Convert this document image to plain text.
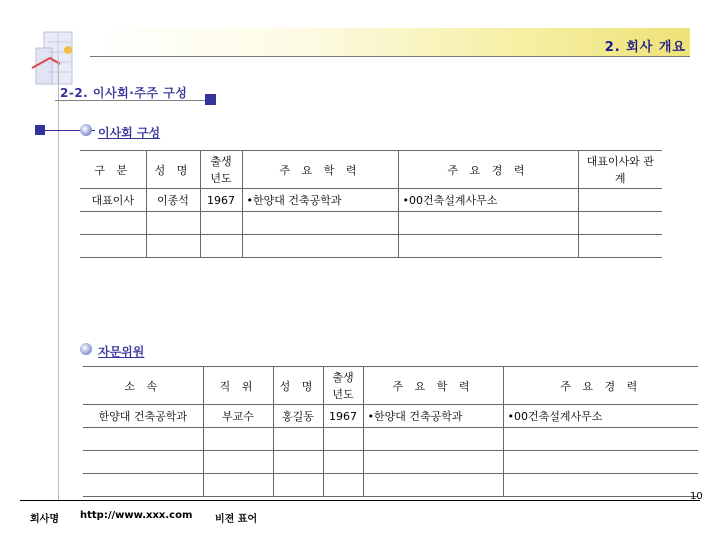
2. 회사 개요
2-2. 이사회·주주 구성
이사회 구성
구 분	성 명	출생 년도	주 요 학 력	주 요 경 력	대표이사와 관 계
대표이사	이종석	1967	•한양대 건축공학과	•00건축설계사무소	

자문위원
소 속	직 위	성 명	출생 년도	주 요 학 력	주 요 경 력
한양대 건축공학과	부교수	홍길동	1967	•한양대 건축공학과	•00건축설계사무소

10
회사명 http://www.xxx.com 비젼 표어
